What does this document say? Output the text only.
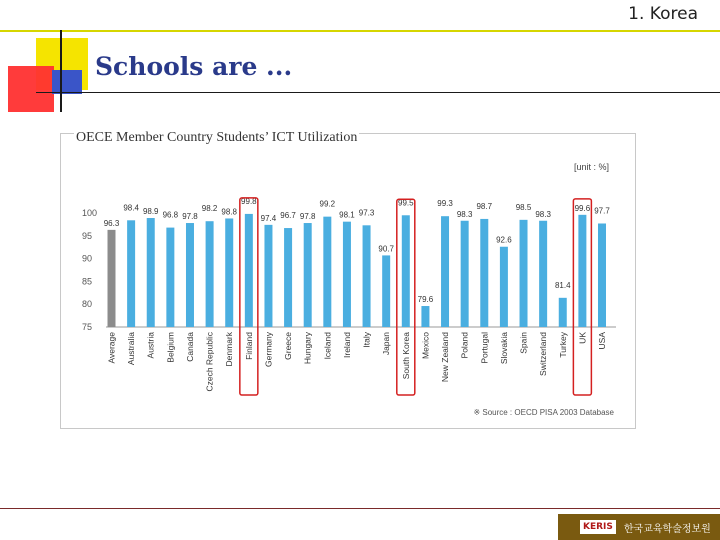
1. Korea
Schools are ...
OECE Member Country Students’ ICT Utilization
[unit : %]
100
95
90
85
80
75
96.3
98.4 98.9 96.8 97.8
98.2 98.8
99.8
97.4 96.7 97.8
99.2
98.1 97.3
90.7
99.5
79.6
99.3
98.3
98.7
92.6
98.5
98.3
81.4
99.6 97.7
Average Australia Austria Belgium Canada Czech Republic Denmark Finland Germany Greece Hungary Iceland Ireland Italy Japan South Korea Mexico New Zealand Poland Portugal Slovakia Spain Switzerland Turkey UK USA
※ Source : OECD PISA 2003 Database
KERIS	한국교육학술정보원
